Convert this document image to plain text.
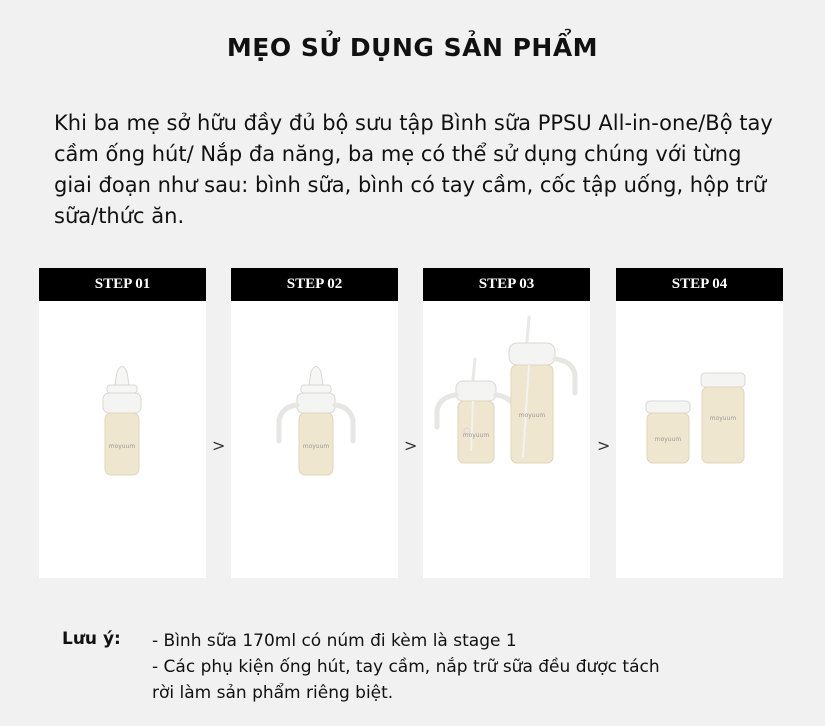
MẸO SỬ DỤNG SẢN PHẨM
Khi ba mẹ sở hữu đầy đủ bộ sưu tập Bình sữa PPSU All-in-one/Bộ tay cầm ống hút/ Nắp đa năng, ba mẹ có thể sử dụng chúng với từng giai đoạn như sau: bình sữa, bình có tay cầm, cốc tập uống, hộp trữ sữa/thức ăn.
STEP 01
moyuum	>
STEP 02
moyuum	>
STEP 03
moyuum
moyuum
>
STEP 04
moyuum
moyuum
Lưu ý: - Bình sữa 170ml có núm đi kèm là stage 1
- Các phụ kiện ống hút, tay cầm, nắp trữ sữa đều được tách
rời làm sản phẩm riêng biệt.
